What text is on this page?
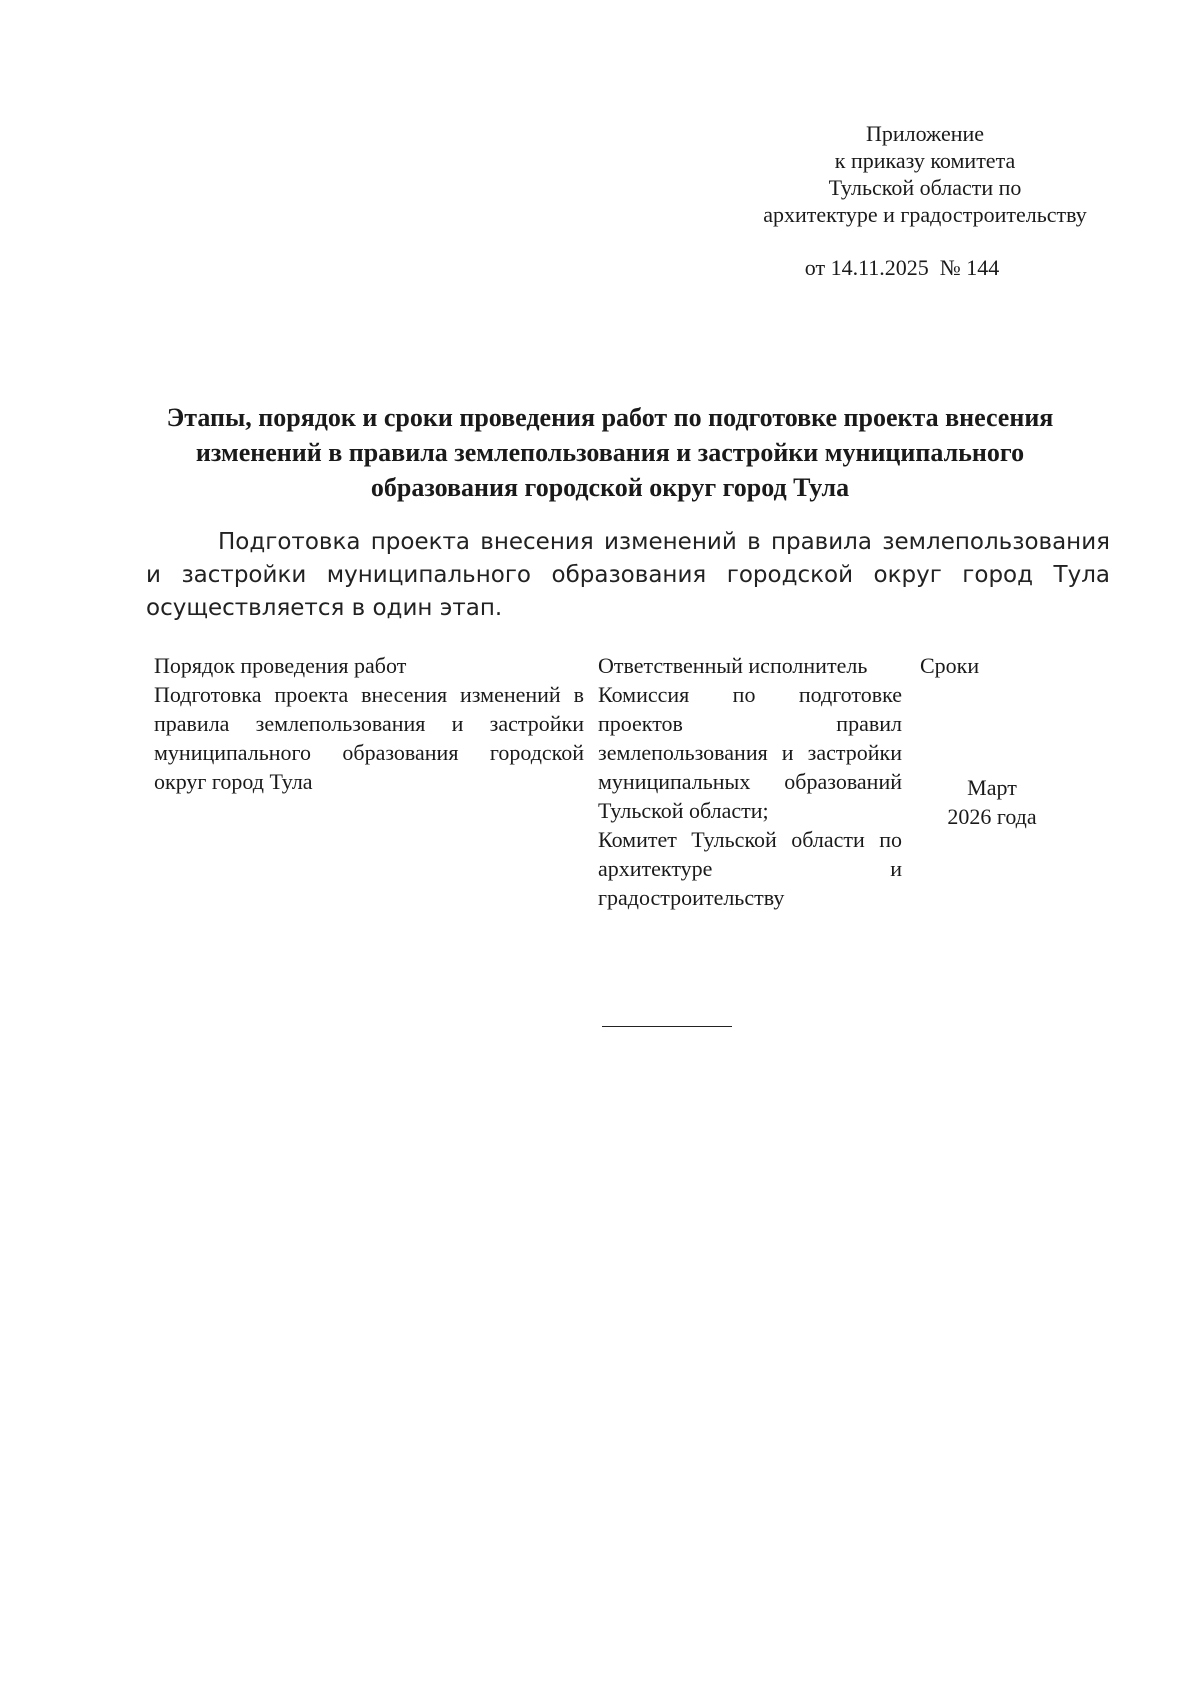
Приложение
к приказу комитета
Тульской области по
архитектуре и градостроительству
от 14.11.2025  № 144
Этапы, порядок и сроки проведения работ по подготовке проекта внесения
изменений в правила землепользования и застройки муниципального
образования городской округ город Тула

Подготовка проекта внесения изменений в правила землепользования и застройки муниципального образования городской округ город Тула осуществляется в один этап.

Порядок проведения работ	Ответственный исполнитель	Сроки
Подготовка проекта внесения изменений в правила землепользования и застройки муниципального образования городской округ город Тула
Комиссия по подготовке проектов правил землепользования и застройки муниципальных образований Тульской области;
Комитет Тульской области по архитектуре и градостроительству
Март
2026 года
